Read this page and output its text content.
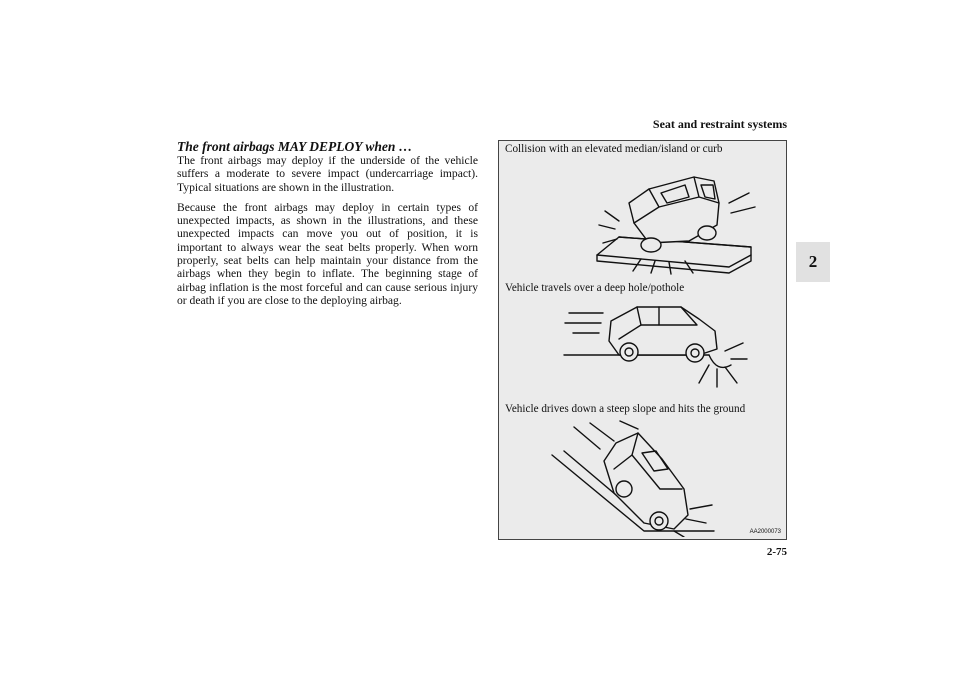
Seat and restraint systems
2
The front airbags MAY DEPLOY when …

The front airbags may deploy if the underside of the vehicle suffers a moderate to severe impact (undercarriage impact). Typical situations are shown in the illustration.

Because the front airbags may deploy in certain types of unexpected impacts, as shown in the illustrations, and these unexpected impacts can move you out of position, it is important to always wear the seat belts properly. When worn properly, seat belts can help maintain your distance from the airbags when they begin to inflate. The beginning stage of airbag inflation is the most forceful and can cause serious injury or death if you are close to the deploying airbag.

Collision with an elevated median/island or curb
Vehicle travels over a deep hole/pothole
Vehicle drives down a steep slope and hits the ground
AA2000073
2-75
